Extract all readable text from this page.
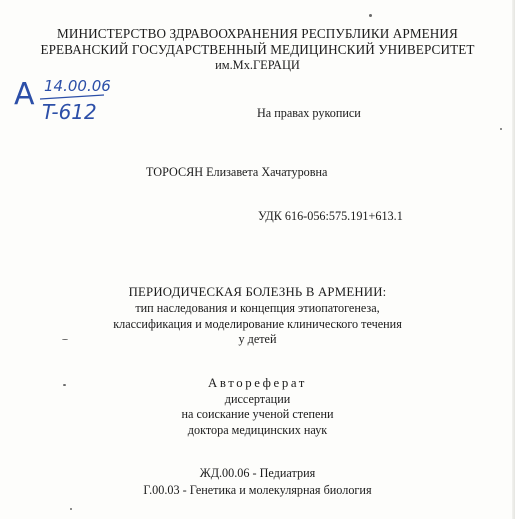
МИНИСТЕРСТВО ЗДРАВООХРАНЕНИЯ РЕСПУБЛИКИ АРМЕНИЯ
ЕРЕВАНСКИЙ ГОСУДАРСТВЕННЫЙ МЕДИЦИНСКИЙ УНИВЕРСИТЕТ
им.Мх.ГЕРАЦИ
A 14.00.06
T-612	На правах рукописи
ТОРОСЯН Елизавета Хачатуровна
УДК 616-056:575.191+613.1
ПЕРИОДИЧЕСКАЯ БОЛЕЗНЬ В АРМЕНИИ:
тип наследования и концепция этиопатогенеза,
классификация и моделирование клинического течения
у детей
Автореферат
диссертации
на соискание ученой степени
доктора медицинских наук
ЖД.00.06 - Педиатрия
Г.00.03 - Генетика и молекулярная биология
